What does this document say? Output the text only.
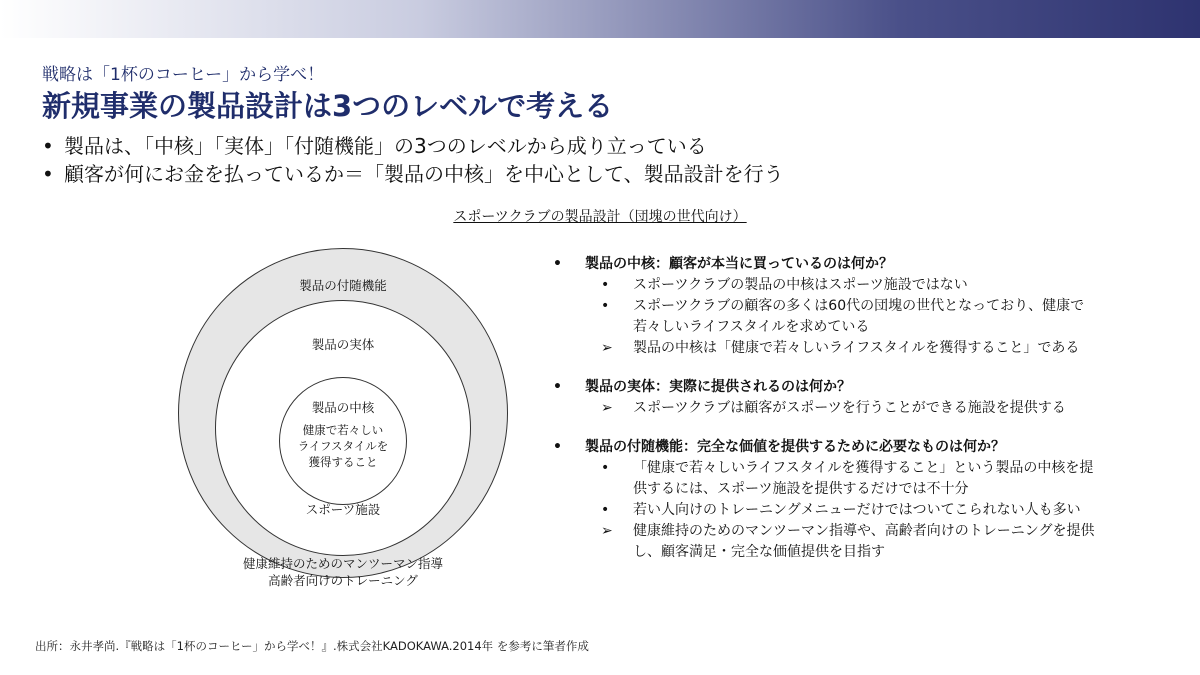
戦略は「1杯のコーヒー」から学べ！
新規事業の製品設計は3つのレベルで考える
• 製品は、「中核」「実体」「付随機能」の3つのレベルから成り立っている
• 顧客が何にお金を払っているか＝「製品の中核」を中心として、製品設計を行う
スポーツクラブの製品設計（団塊の世代向け）
製品の付随機能
製品の実体
製品の中核
健康で若々しい
ライフスタイルを
獲得すること
スポーツ施設
健康維持のためのマンツーマン指導
高齢者向けのトレーニング
• 製品の中核：顧客が本当に買っているのは何か？
•	スポーツクラブの製品の中核はスポーツ施設ではない
•	スポーツクラブの顧客の多くは60代の団塊の世代となっており、健康で若々しいライフスタイルを求めている
➢	製品の中核は「健康で若々しいライフスタイルを獲得すること」である
• 製品の実体：実際に提供されるのは何か？
➢	スポーツクラブは顧客がスポーツを行うことができる施設を提供する
• 製品の付随機能：完全な価値を提供するために必要なものは何か？
•	「健康で若々しいライフスタイルを獲得すること」という製品の中核を提供するには、スポーツ施設を提供するだけでは不十分
•	若い人向けのトレーニングメニューだけではついてこられない人も多い
➢	健康維持のためのマンツーマン指導や、高齢者向けのトレーニングを提供し、顧客満足・完全な価値提供を目指す
出所：永井孝尚.『戦略は「1杯のコーヒー」から学べ！』.株式会社KADOKAWA.2014年 を参考に筆者作成
